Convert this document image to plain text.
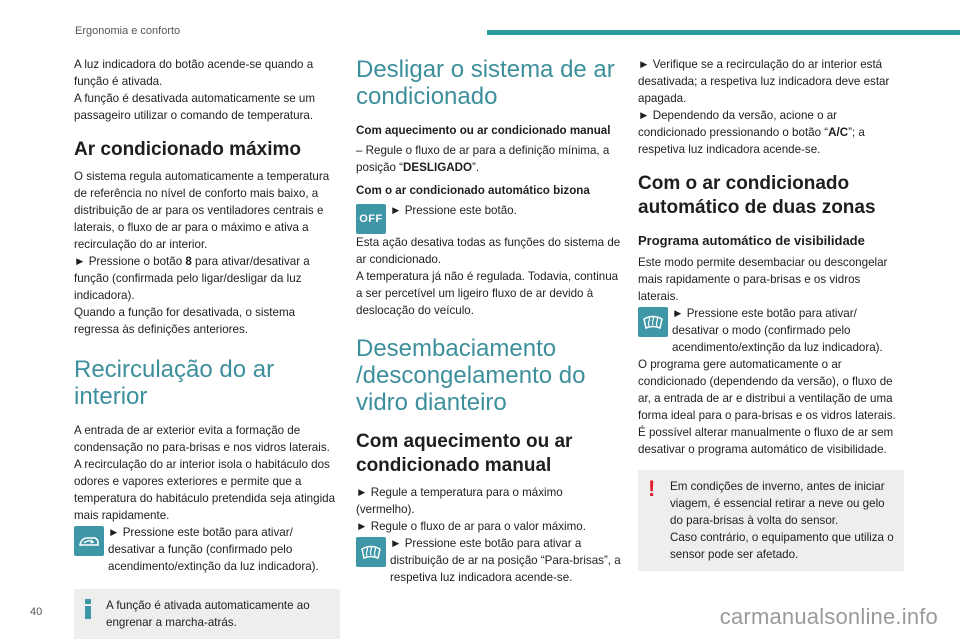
Ergonomia e conforto

A luz indicadora do botão acende-se quando a função é ativada.

A função é desativada automaticamente se um passageiro utilizar o comando de temperatura.

Ar condicionado máximo

O sistema regula automaticamente a temperatura de referência no nível de conforto mais baixo, a distribuição de ar para os ventiladores centrais e laterais, o fluxo de ar para o máximo e ativa a recirculação do ar interior.

► Pressione o botão 8 para ativar/desativar a função (confirmada pelo ligar/desligar da luz indicadora).

Quando a função for desativada, o sistema regressa às definições anteriores.

Recirculação do ar interior

A entrada de ar exterior evita a formação de condensação no para-brisas e nos vidros laterais.

A recirculação do ar interior isola o habitáculo dos odores e vapores exteriores e permite que a temperatura do habitáculo pretendida seja atingida mais rapidamente.

► Pressione este botão para ativar/ desativar a função (confirmado pelo acendimento/extinção da luz indicadora).
A função é ativada automaticamente ao engrenar a marcha-atrás.
Desligar o sistema de ar condicionado

Com aquecimento ou ar condicionado manual

– Regule o fluxo de ar para a definição mínima, a posição “DESLIGADO”.

Com o ar condicionado automático bizona

OFF
► Pressione este botão.

Esta ação desativa todas as funções do sistema de ar condicionado.

A temperatura já não é regulada. Todavia, continua a ser percetível um ligeiro fluxo de ar devido à deslocação do veículo.

Desembaciamento /descongelamento do vidro dianteiro
Com aquecimento ou ar condicionado manual

► Regule a temperatura para o máximo (vermelho).

► Regule o fluxo de ar para o valor máximo.

► Pressione este botão para ativar a distribuição de ar na posição “Para-brisas”, a respetiva luz indicadora acende-se.

► Verifique se a recirculação do ar interior está desativada; a respetiva luz indicadora deve estar apagada.

► Dependendo da versão, acione o ar condicionado pressionando o botão “A/C”; a respetiva luz indicadora acende-se.

Com o ar condicionado automático de duas zonas
Programa automático de visibilidade

Este modo permite desembaciar ou descongelar mais rapidamente o para-brisas e os vidros laterais.

► Pressione este botão para ativar/ desativar o modo (confirmado pelo acendimento/extinção da luz indicadora).

O programa gere automaticamente o ar condicionado (dependendo da versão), o fluxo de ar, a entrada de ar e distribui a ventilação de uma forma ideal para o para-brisas e os vidros laterais.

É possível alterar manualmente o fluxo de ar sem desativar o programa automático de visibilidade.

! Em condições de inverno, antes de iniciar viagem, é essencial retirar a neve ou gelo do para-brisas à volta do sensor.

Caso contrário, o equipamento que utiliza o sensor pode ser afetado.

40	carmanualsonline.info
